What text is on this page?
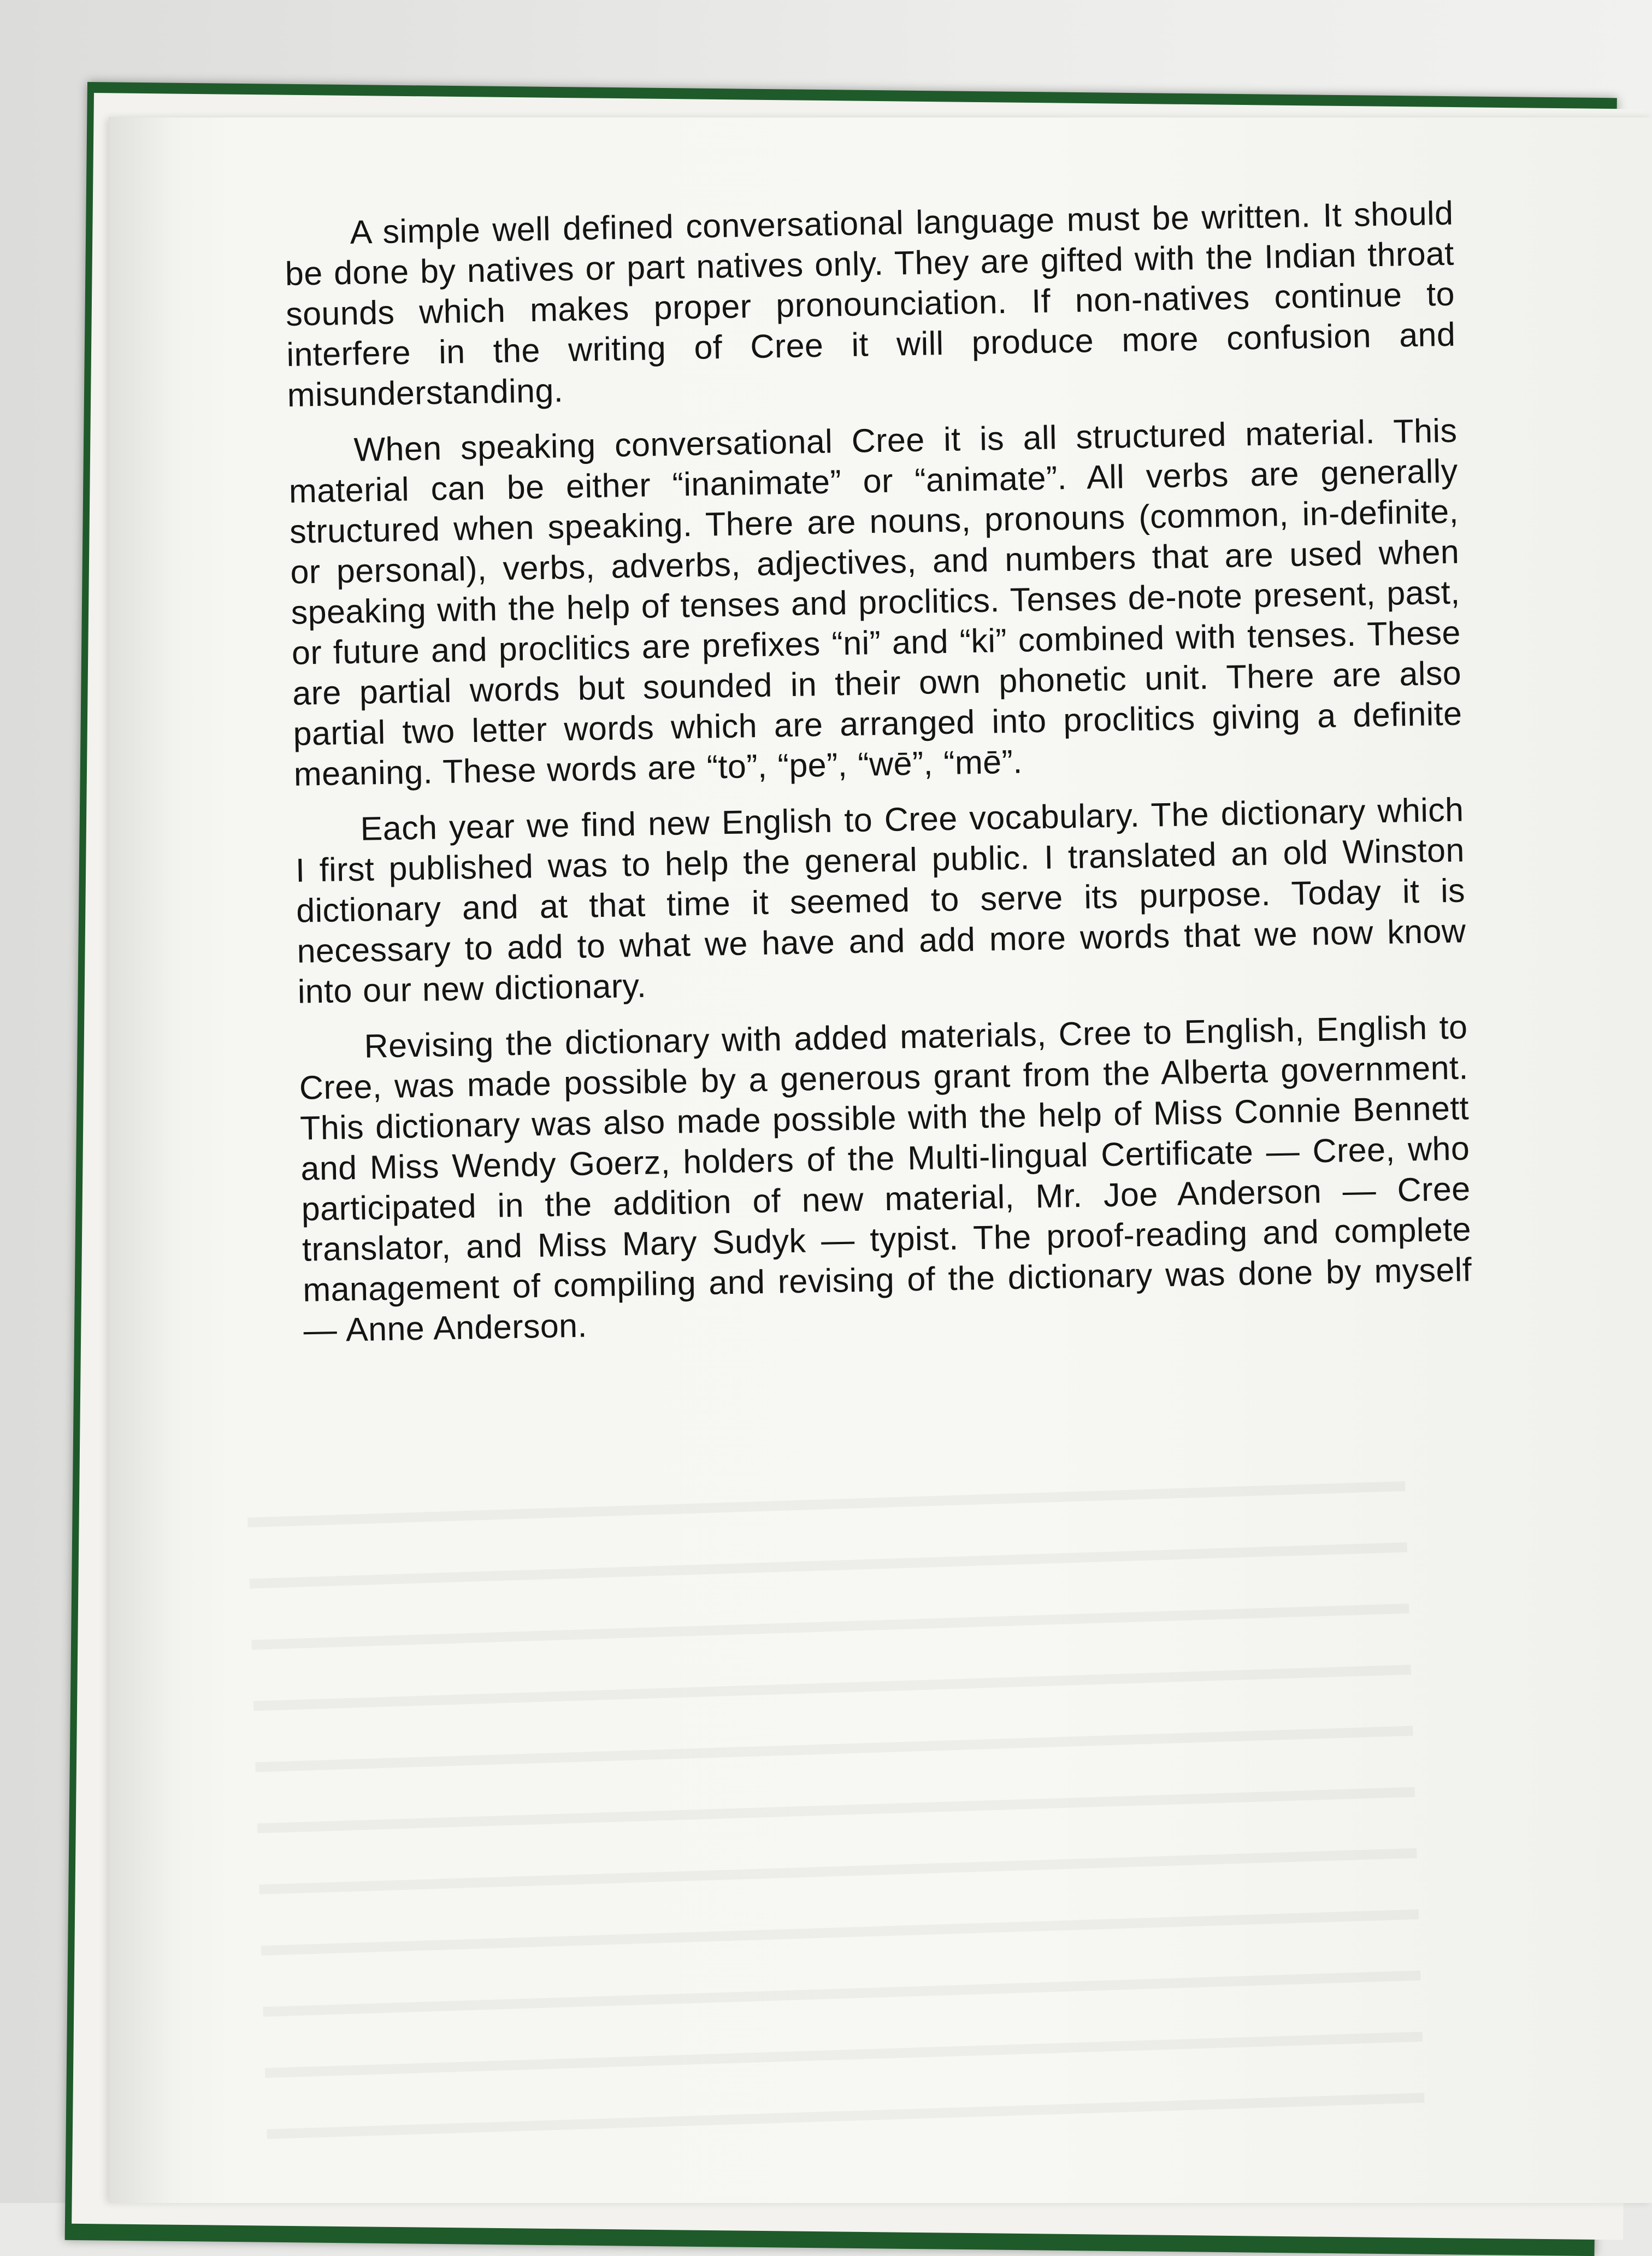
A simple well defined conversational language must be written. It should be done by natives or part natives only. They are gifted with the Indian throat sounds which makes proper pronounciation. If non-natives continue to interfere in the writing of Cree it will produce more confusion and misunderstanding.

When speaking conversational Cree it is all structured material. This material can be either “inanimate” or “animate”. All verbs are generally structured when speaking. There are nouns, pronouns (common, in-definite, or personal), verbs, adverbs, adjectives, and numbers that are used when speaking with the help of tenses and proclitics. Tenses de-note present, past, or future and proclitics are prefixes “ni” and “ki” combined with tenses. These are partial words but sounded in their own phonetic unit. There are also partial two letter words which are arranged into proclitics giving a definite meaning. These words are “to”, “pe”, “wē”, “mē”.

Each year we find new English to Cree vocabulary. The dictionary which I first published was to help the general public. I translated an old Winston dictionary and at that time it seemed to serve its purpose. Today it is necessary to add to what we have and add more words that we now know into our new dictionary.

Revising the dictionary with added materials, Cree to English, English to Cree, was made possible by a generous grant from the Alberta government. This dictionary was also made possible with the help of Miss Connie Bennett and Miss Wendy Goerz, holders of the Multi-lingual Certificate — Cree, who participated in the addition of new material, Mr. Joe Anderson — Cree translator, and Miss Mary Sudyk — typist. The proof-reading and complete management of compiling and revising of the dictionary was done by myself — Anne Anderson.
